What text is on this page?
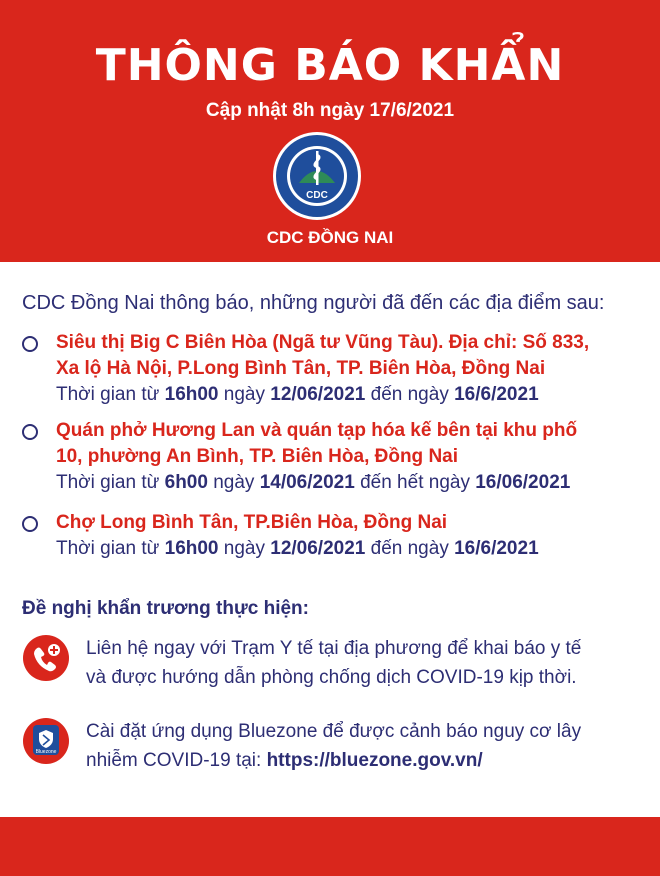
THÔNG BÁO KHẨN
Cập nhật 8h ngày 17/6/2021
CDC
CDC ĐỒNG NAI
CDC Đồng Nai thông báo, những người đã đến các địa điểm sau:
Siêu thị Big C Biên Hòa (Ngã tư Vũng Tàu). Địa chỉ: Số 833,
Xa lộ Hà Nội, P.Long Bình Tân, TP. Biên Hòa, Đồng Nai
Thời gian từ 16h00 ngày 12/06/2021 đến ngày 16/6/2021
Quán phở Hương Lan và quán tạp hóa kế bên tại khu phố
10, phường An Bình, TP. Biên Hòa, Đồng Nai
Thời gian từ 6h00 ngày 14/06/2021 đến hết ngày 16/06/2021
Chợ Long Bình Tân, TP.Biên Hòa, Đồng Nai
Thời gian từ 16h00 ngày 12/06/2021 đến ngày 16/6/2021
Đề nghị khẩn trương thực hiện:
Liên hệ ngay với Trạm Y tế tại địa phương để khai báo y tế
và được hướng dẫn phòng chống dịch COVID-19 kịp thời.
Bluezone
Cài đặt ứng dụng Bluezone để được cảnh báo nguy cơ lây
nhiễm COVID-19 tại: https://bluezone.gov.vn/
